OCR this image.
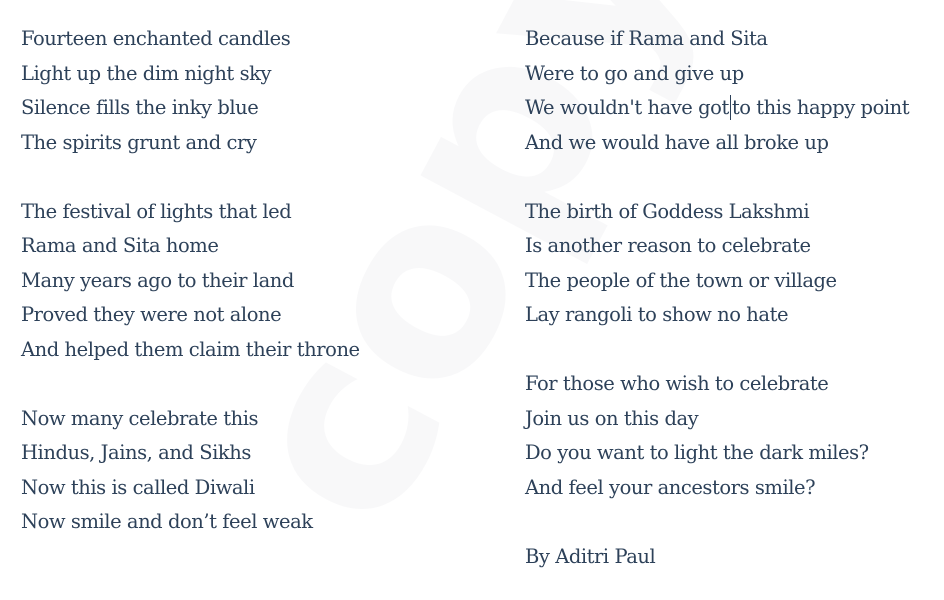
Fourteen enchanted candles
Light up the dim night sky
Silence fills the inky blue
The spirits grunt and cry
The festival of lights that led
Rama and Sita home
Many years ago to their land
Proved they were not alone
And helped them claim their throne
Now many celebrate this
Hindus, Jains, and Sikhs
Now this is called Diwali
Now smile and don’t feel weak
Because if Rama and Sita
Were to go and give up
We wouldn't have got to this happy point
And we would have all broke up
The birth of Goddess Lakshmi
Is another reason to celebrate
The people of the town or village
Lay rangoli to show no hate
For those who wish to celebrate
Join us on this day
Do you want to light the dark miles?
And feel your ancestors smile?
By Aditri Paul
